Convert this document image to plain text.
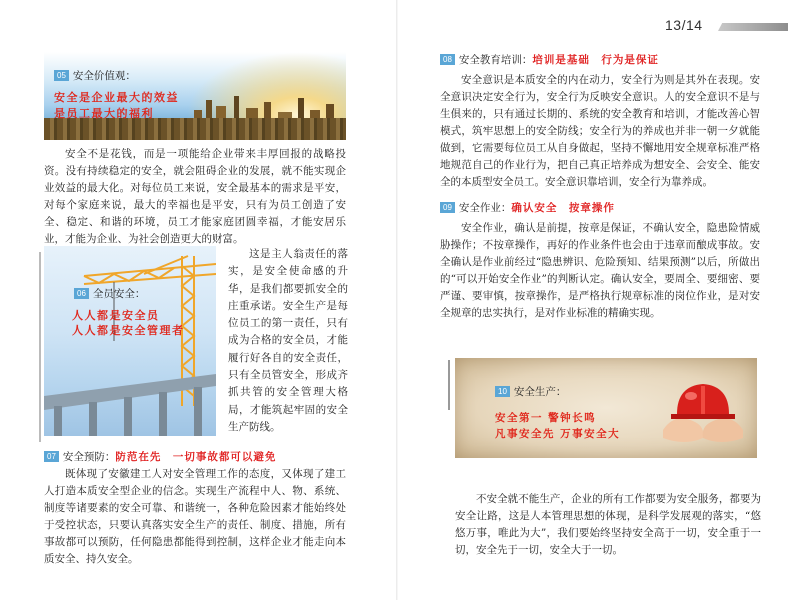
13/14
05 安全价值观：
安全是企业最大的效益
是员工最大的福利

安全不是花钱，而是一项能给企业带来丰厚回报的战略投资。没有持续稳定的安全，就会阻碍企业的发展，就不能实现企业效益的最大化。对每位员工来说，安全最基本的需求是平安，对每个家庭来说，最大的幸福也是平安，只有为员工创造了安全、稳定、和谐的环境，员工才能家庭团圆幸福，才能安居乐业，才能为企业、为社会创造更大的财富。

06 全员安全：
人人都是安全员
人人都是安全管理者

这是主人翁责任的落实，是安全使命感的升华，是我们都要抓安全的庄重承诺。安全生产是每位员工的第一责任，只有成为合格的安全员，才能履行好各自的安全责任，只有全员管安全，形成齐抓共管的安全管理大格局，才能筑起牢固的安全生产防线。

07 安全预防：防范在先　一切事故都可以避免

既体现了安徽建工人对安全管理工作的态度，又体现了建工人打造本质安全型企业的信念。实现生产流程中人、物、系统、制度等诸要素的安全可靠、和谐统一，各种危险因素才能始终处于受控状态，只要认真落实安全生产的责任、制度、措施，所有事故都可以预防，任何隐患都能得到控制，这样企业才能走向本质安全、持久安全。

08 安全教育培训：培训是基础　行为是保证

安全意识是本质安全的内在动力，安全行为则是其外在表现。安全意识决定安全行为，安全行为反映安全意识。人的安全意识不是与生俱来的，只有通过长期的、系统的安全教育和培训，才能改善心智模式，筑牢思想上的安全防线；安全行为的养成也并非一朝一夕就能做到，它需要每位员工从自身做起，坚持不懈地用安全规章标准严格地规范自己的作业行为，把自己真正培养成为想安全、会安全、能安全的本质型安全员工。安全意识靠培训，安全行为靠养成。

09 安全作业：确认安全　按章操作

安全作业，确认是前提，按章是保证，不确认安全，隐患险情威胁操作；不按章操作，再好的作业条件也会由于违章而酿成事故。安全确认是作业前经过“隐患辨识、危险预知、结果预测”以后，所做出的“可以开始安全作业”的判断认定。确认安全，要周全、要细密、要严谨、要审慎，按章操作，是严格执行规章标准的岗位作业，是对安全规章的忠实执行，是对作业标准的精确实现。

10 安全生产：
安全第一 警钟长鸣
凡事安全先 万事安全大

不安全就不能生产，企业的所有工作都要为安全服务，都要为安全让路，这是人本管理思想的体现，是科学发展观的落实，“悠悠万事，唯此为大”，我们要始终坚持安全高于一切，安全重于一切，安全先于一切，安全大于一切。
